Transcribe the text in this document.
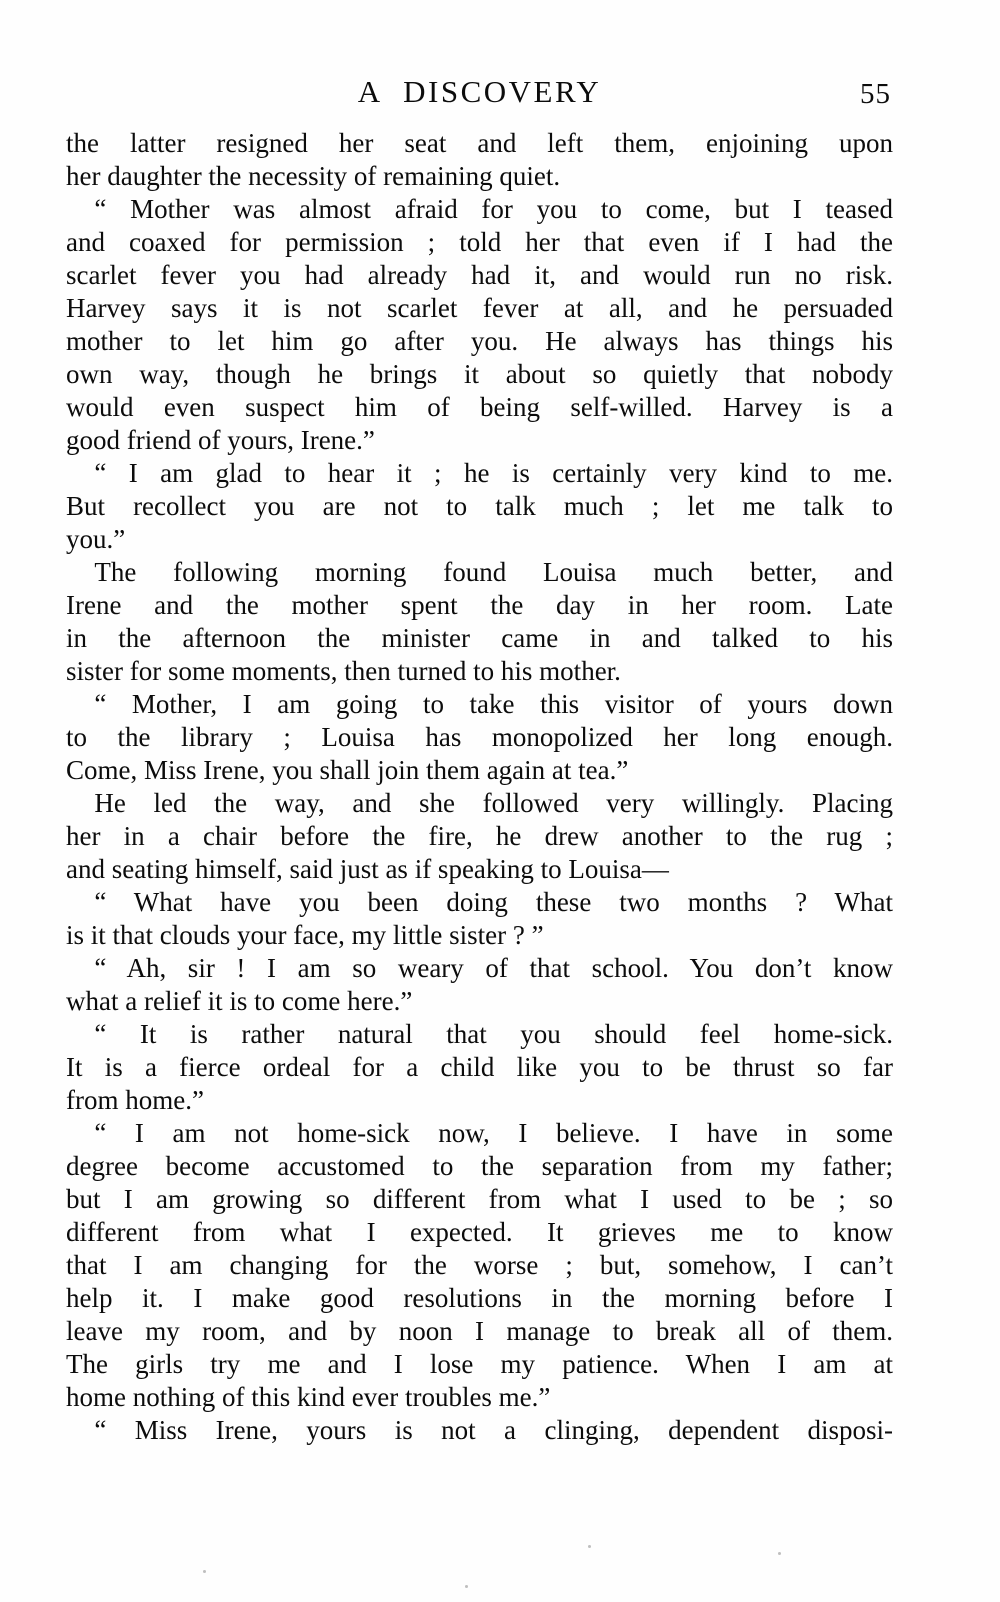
A DISCOVERY	55
the latter resigned her seat and left them, enjoining upon
her daughter the necessity of remaining quiet.
“ Mother was almost afraid for you to come, but I teased
and coaxed for permission ; told her that even if I had the
scarlet fever you had already had it, and would run no risk.
Harvey says it is not scarlet fever at all, and he persuaded
mother to let him go after you. He always has things his
own way, though he brings it about so quietly that nobody
would even suspect him of being self-willed. Harvey is a
good friend of yours, Irene.”
“ I am glad to hear it ; he is certainly very kind to me.
But recollect you are not to talk much ; let me talk to
you.”
The following morning found Louisa much better, and
Irene and the mother spent the day in her room. Late
in the afternoon the minister came in and talked to his
sister for some moments, then turned to his mother.
“ Mother, I am going to take this visitor of yours down
to the library ; Louisa has monopolized her long enough.
Come, Miss Irene, you shall join them again at tea.”
He led the way, and she followed very willingly. Placing
her in a chair before the fire, he drew another to the rug ;
and seating himself, said just as if speaking to Louisa—
“ What have you been doing these two months ? What
is it that clouds your face, my little sister ? ”
“ Ah, sir ! I am so weary of that school. You don’t know
what a relief it is to come here.”
“ It is rather natural that you should feel home-sick.
It is a fierce ordeal for a child like you to be thrust so far
from home.”
“ I am not home-sick now, I believe. I have in some
degree become accustomed to the separation from my father;
but I am growing so different from what I used to be ; so
different from what I expected. It grieves me to know
that I am changing for the worse ; but, somehow, I can’t
help it. I make good resolutions in the morning before I
leave my room, and by noon I manage to break all of them.
The girls try me and I lose my patience. When I am at
home nothing of this kind ever troubles me.”
“ Miss Irene, yours is not a clinging, dependent disposi-
